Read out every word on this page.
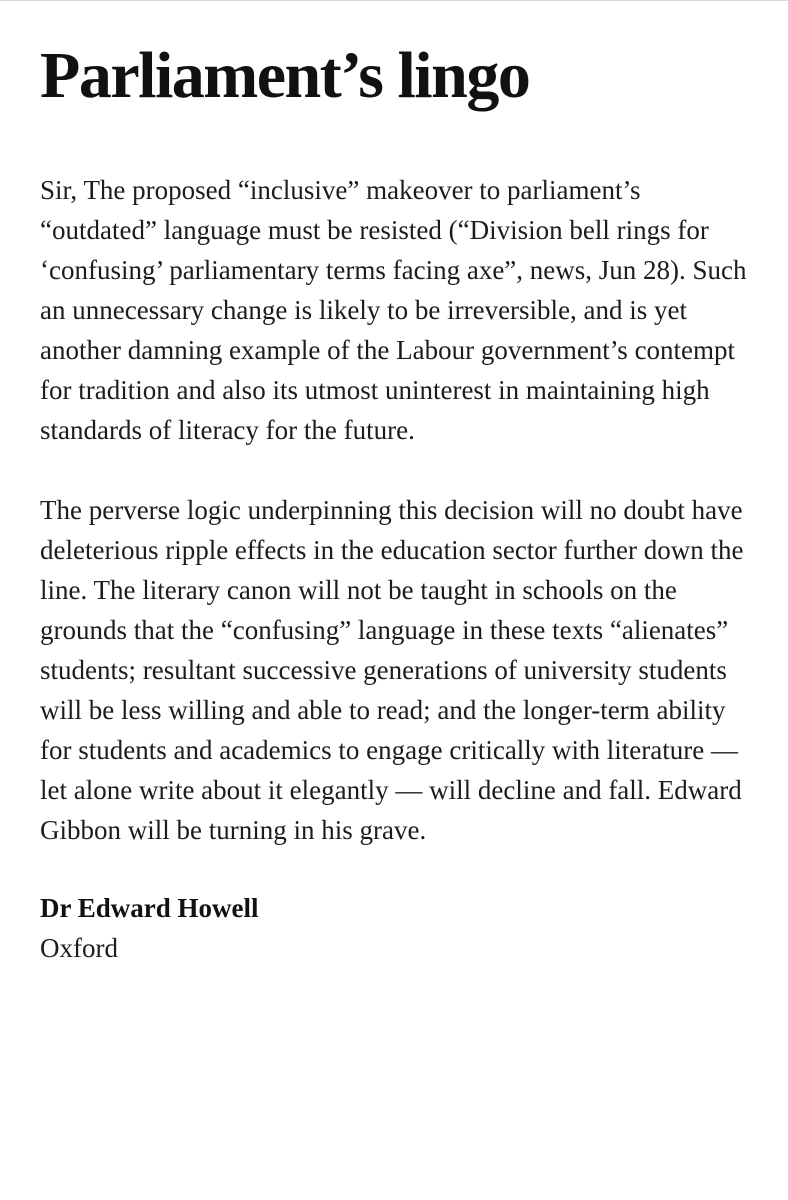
Parliament’s lingo

Sir, The proposed “inclusive” makeover to parliament’s “outdated” language must be resisted (“Division bell rings for ‘confusing’ parliamentary terms facing axe”, news, Jun 28). Such an unnecessary change is likely to be irreversible, and is yet another damning example of the Labour government’s contempt for tradition and also its utmost uninterest in maintaining high standards of literacy for the future.

The perverse logic underpinning this decision will no doubt have deleterious ripple effects in the education sector further down the line. The literary canon will not be taught in schools on the grounds that the “confusing” language in these texts “alienates” students; resultant successive generations of university students will be less willing and able to read; and the longer-term ability for students and academics to engage critically with literature — let alone write about it elegantly — will decline and fall. Edward Gibbon will be turning in his grave.

Dr Edward Howell
Oxford
